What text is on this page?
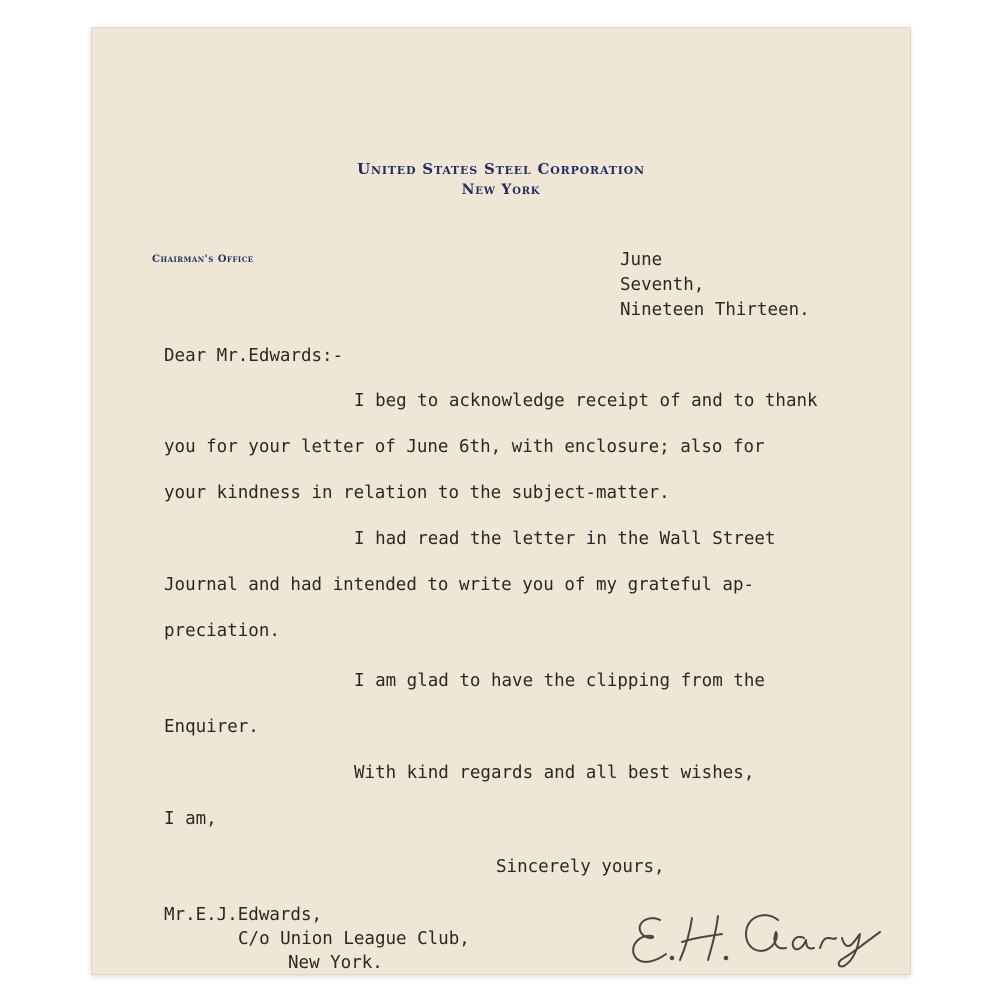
United States Steel Corporation

New York

Chairman's Office	June

Seventh,

Nineteen Thirteen.

Dear Mr.Edwards:-

I beg to acknowledge receipt of and to thank

you for your letter of June 6th, with enclosure; also for

your kindness in relation to the subject-matter.

I had read the letter in the Wall Street

Journal and had intended to write you of my grateful ap-

preciation.

I am glad to have the clipping from the

Enquirer.

With kind regards and all best wishes,

I am,

Sincerely yours,

Mr.E.J.Edwards,

C/o Union League Club,

New York.
